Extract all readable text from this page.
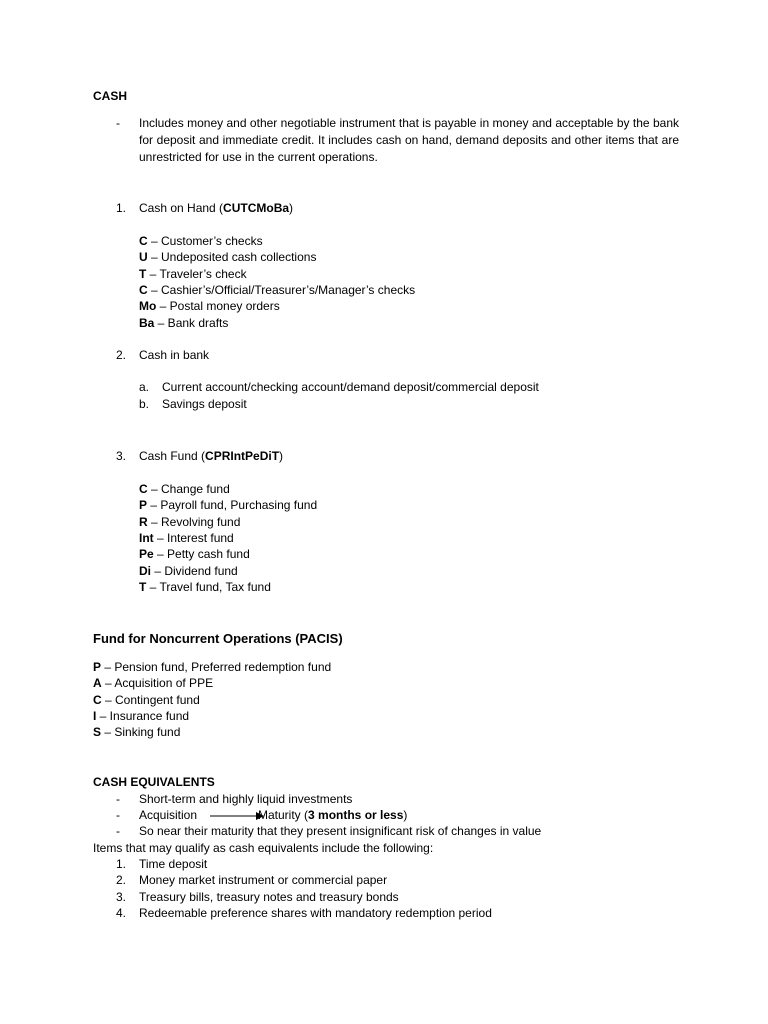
CASH
- Includes money and other negotiable instrument that is payable in money and acceptable by the bank for deposit and immediate credit. It includes cash on hand, demand deposits and other items that are unrestricted for use in the current operations.
1. Cash on Hand (CUTCMoBa)
C – Customer’s checks
U – Undeposited cash collections
T – Traveler’s check
C – Cashier’s/Official/Treasurer’s/Manager’s checks
Mo – Postal money orders
Ba – Bank drafts
2. Cash in bank
a. Current account/checking account/demand deposit/commercial deposit
b. Savings deposit
3. Cash Fund (CPRIntPeDiT)
C – Change fund
P – Payroll fund, Purchasing fund
R – Revolving fund
Int – Interest fund
Pe – Petty cash fund
Di – Dividend fund
T – Travel fund, Tax fund
Fund for Noncurrent Operations (PACIS)
P – Pension fund, Preferred redemption fund
A – Acquisition of PPE
C – Contingent fund
I – Insurance fund
S – Sinking fund
CASH EQUIVALENTS
- Short-term and highly liquid investments
- Acquisition	Maturity (3 months or less)
- So near their maturity that they present insignificant risk of changes in value
Items that may qualify as cash equivalents include the following:
1. Time deposit
2. Money market instrument or commercial paper
3. Treasury bills, treasury notes and treasury bonds
4. Redeemable preference shares with mandatory redemption period
